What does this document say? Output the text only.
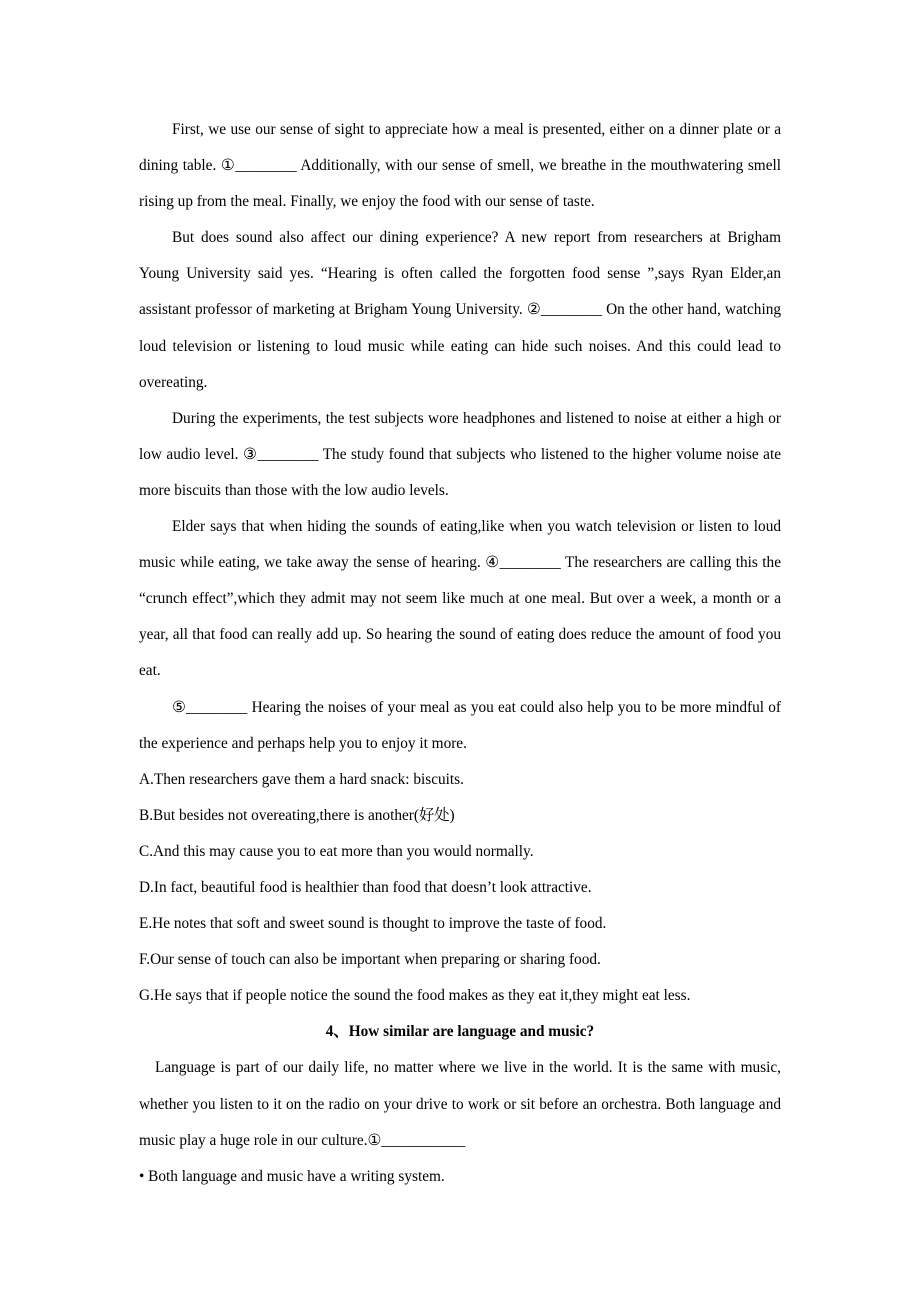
First, we use our sense of sight to appreciate how a meal is presented, either on a dinner plate or a dining table. ①________ Additionally, with our sense of smell, we breathe in the mouthwatering smell rising up from the meal. Finally, we enjoy the food with our sense of taste.

But does sound also affect our dining experience? A new report from researchers at Brigham Young University said yes. “Hearing is often called the forgotten food sense ”,says Ryan Elder,an assistant professor of marketing at Brigham Young University. ②________ On the other hand, watching loud television or listening to loud music while eating can hide such noises. And this could lead to overeating.

During the experiments, the test subjects wore headphones and listened to noise at either a high or low audio level. ③________ The study found that subjects who listened to the higher volume noise ate more biscuits than those with the low audio levels.

Elder says that when hiding the sounds of eating,like when you watch television or listen to loud music while eating, we take away the sense of hearing. ④________ The researchers are calling this the “crunch effect”,which they admit may not seem like much at one meal. But over a week, a month or a year, all that food can really add up. So hearing the sound of eating does reduce the amount of food you eat.

⑤________ Hearing the noises of your meal as you eat could also help you to be more mindful of the experience and perhaps help you to enjoy it more.

A.Then researchers gave them a hard snack: biscuits.

B.But besides not overeating,there is another(好处)

C.And this may cause you to eat more than you would normally.

D.In fact, beautiful food is healthier than food that doesn’t look attractive.

E.He notes that soft and sweet sound is thought to improve the taste of food.

F.Our sense of touch can also be important when preparing or sharing food.

G.He says that if people notice the sound the food makes as they eat it,they might eat less.

4、How similar are language and music?

Language is part of our daily life, no matter where we live in the world. It is the same with music, whether you listen to it on the radio on your drive to work or sit before an orchestra. Both language and music play a huge role in our culture.①___________

• Both language and music have a writing system.
